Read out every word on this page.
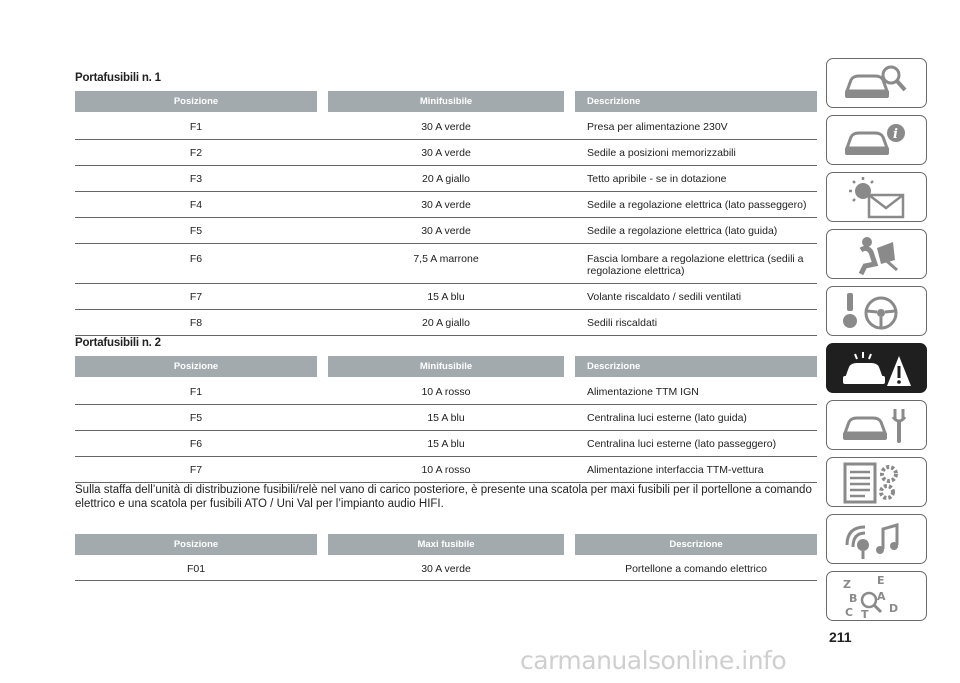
Portafusibili n. 1
Posizione		Minifusibile		Descrizione
F1		30 A verde		Presa per alimentazione 230V
F2		30 A verde		Sedile a posizioni memorizzabili
F3		20 A giallo		Tetto apribile - se in dotazione
F4		30 A verde		Sedile a regolazione elettrica (lato passeggero)
F5		30 A verde		Sedile a regolazione elettrica (lato guida)
F6		7,5 A marrone		Fascia lombare a regolazione elettrica (sedili a regolazione elettrica)
F7		15 A blu		Volante riscaldato / sedili ventilati
F8		20 A giallo		Sedili riscaldati
Portafusibili n. 2
Posizione		Minifusibile		Descrizione
F1		10 A rosso		Alimentazione TTM IGN
F5		15 A blu		Centralina luci esterne (lato guida)
F6		15 A blu		Centralina luci esterne (lato passeggero)
F7		10 A rosso		Alimentazione interfaccia TTM-vettura
Sulla staffa dell’unità di distribuzione fusibili/relè nel vano di carico posteriore, è presente una scatola per maxi fusibili per il portellone a comando elettrico e una scatola per fusibili ATO / Uni Val per l’impianto audio HIFI.
Posizione		Maxi fusibile		Descrizione
F01		30 A verde		Portellone a comando elettrico
i
Z E
B A
C T D
211
carmanualsonline.info
